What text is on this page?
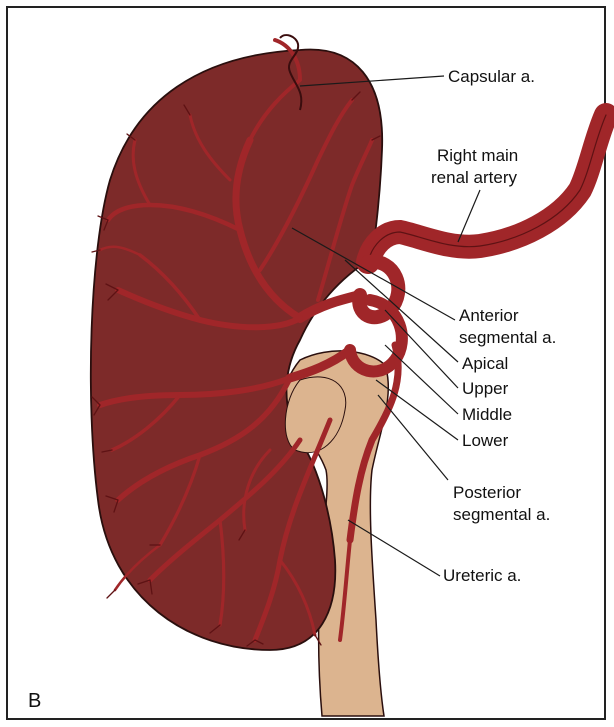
Capsular a.
Right main
renal artery
Anterior
segmental a.
Apical
Upper
Middle
Lower
Posterior
segmental a.
Ureteric a.
B
